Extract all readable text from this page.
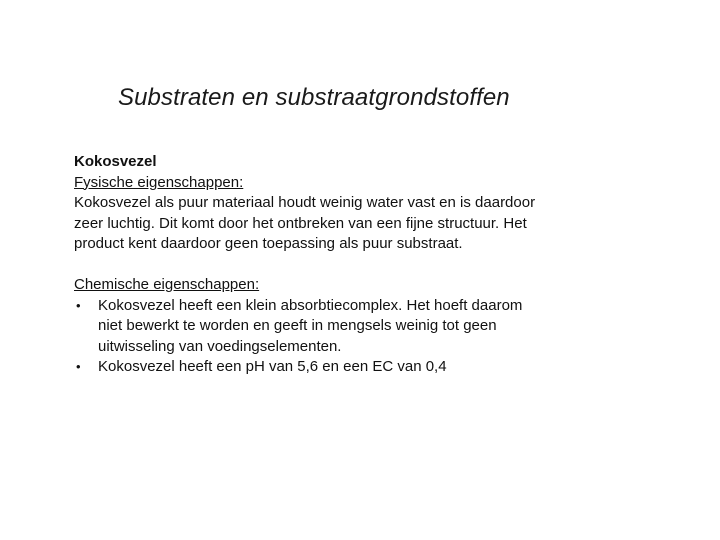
Substraten en substraatgrondstoffen

Kokosvezel

Fysische eigenschappen:

Kokosvezel als puur materiaal houdt weinig water vast en is daardoor
zeer luchtig. Dit komt door het ontbreken van een fijne structuur. Het
product kent daardoor geen toepassing als puur substraat.

Chemische eigenschappen:

• Kokosvezel heeft een klein absorbtiecomplex. Het hoeft daarom
niet bewerkt te worden en geeft in mengsels weinig tot geen
uitwisseling van voedingselementen.
• Kokosvezel heeft een pH van 5,6 en een EC van 0,4
